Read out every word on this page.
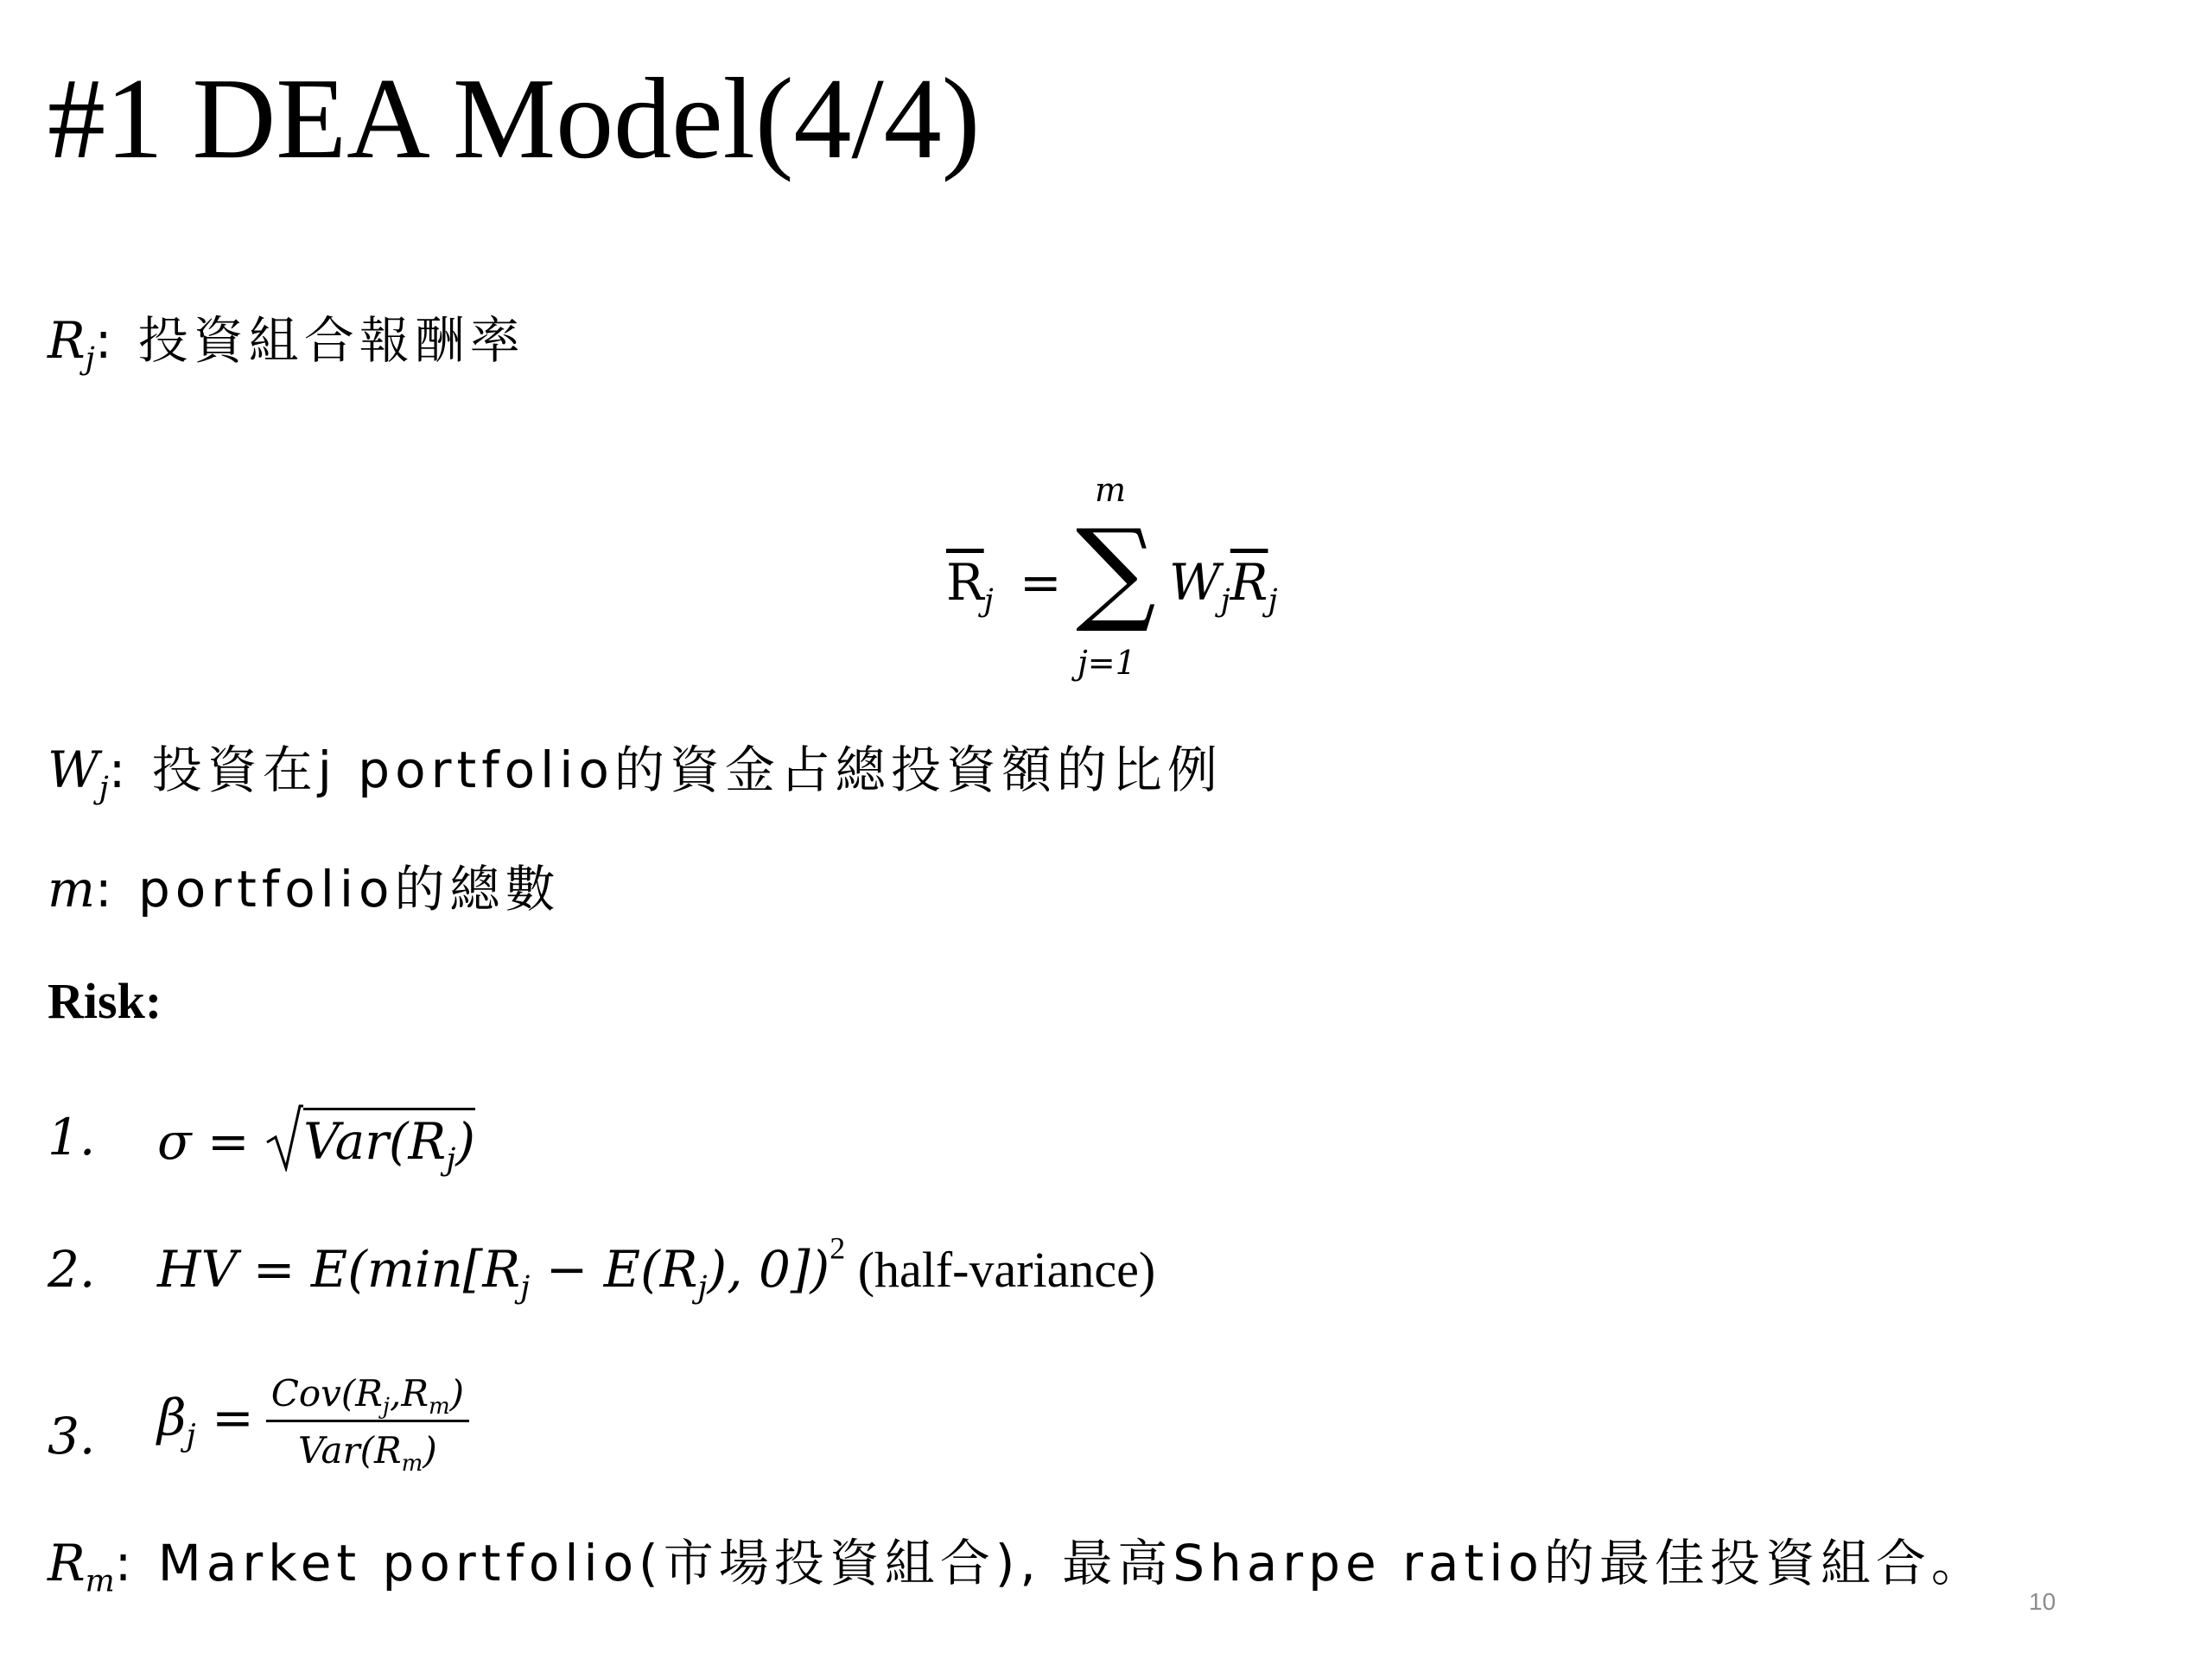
#1 DEA Model(4/4)
$R_j$: 投資組合報酬率
$\overline{R}_j$ =
m
∑
j=1
$W_j\overline{R}_j$
$W_j$: 投資在j portfolio的資金占總投資額的比例
m: portfolio的總數
Risk:
1. σ =
$Var(R_j)$
2. HV = $E(\min[R_j - E(R_j)$, 0])$^2$ (half-variance)
3. $\beta_j = \frac{Cov(R_j,R_m)}{Var(R_m)}$
$R_m$: Market portfolio(市場投資組合), 最高Sharpe ratio的最佳投資組合。
10
